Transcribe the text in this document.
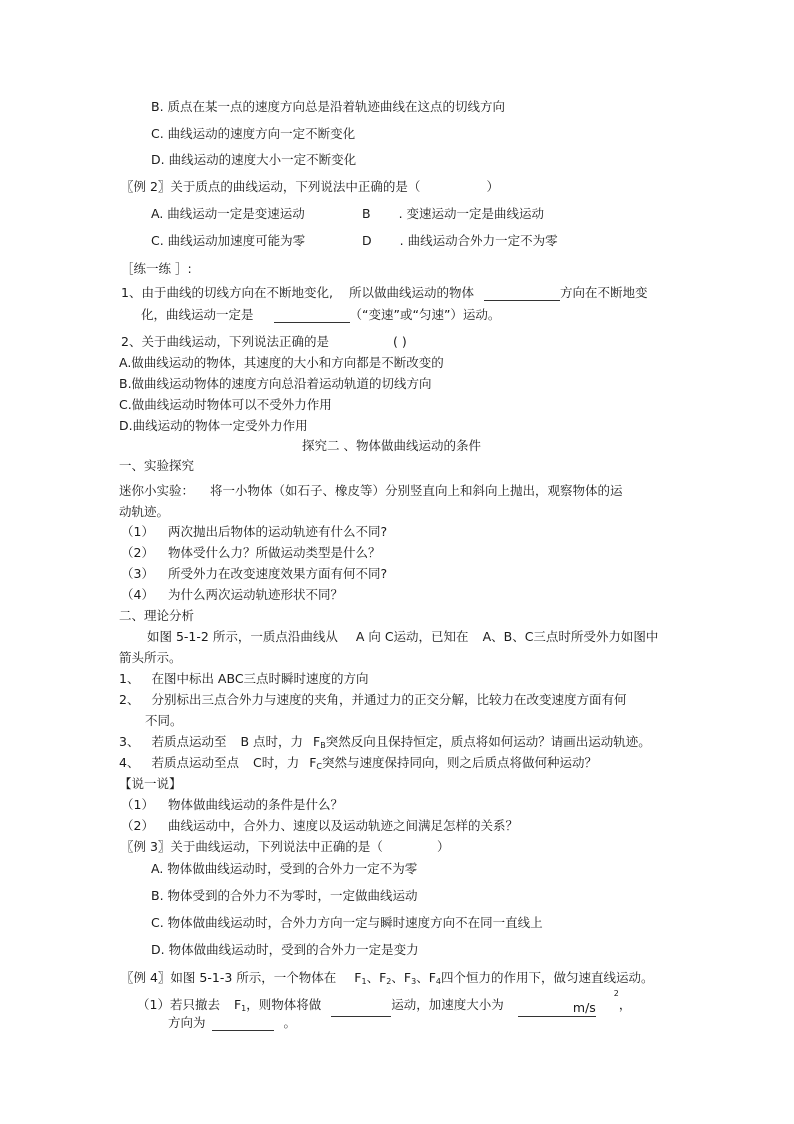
B. 质点在某一点的速度方向总是沿着轨迹曲线在这点的切线方向
C. 曲线运动的速度方向一定不断变化
D. 曲线运动的速度大小一定不断变化
〖例 2〗关于质点的曲线运动，下列说法中正确的是（	）
A. 曲线运动一定是变速运动	B . 变速运动一定是曲线运动
C. 曲线运动加速度可能为零	D . 曲线运动合外力一定不为零
［练一练 ］:
1、由于曲线的切线方向在不断地变化, 所以做曲线运动的物体	方向在不断地变
化，曲线运动一定是	（“变速”或“匀速”）运动。
2、关于曲线运动，下列说法正确的是	( )
A.做曲线运动的物体，其速度的大小和方向都是不断改变的
B.做曲线运动物体的速度方向总沿着运动轨道的切线方向
C.做曲线运动时物体可以不受外力作用
D.曲线运动的物体一定受外力作用
探究二 、物体做曲线运动的条件
一、实验探究
迷你小实验： 将一小物体（如石子、橡皮等）分别竖直向上和斜向上抛出，观察物体的运
动轨迹。
（1） 两次抛出后物体的运动轨迹有什么不同?
（2） 物体受什么力？所做运动类型是什么？
（3） 所受外力在改变速度效果方面有何不同?
（4） 为什么两次运动轨迹形状不同？
二、理论分析
如图 5-1-2 所示，一质点沿曲线从 A 向 C运动，已知在 A、B、C三点时所受外力如图中
箭头所示。
1、 在图中标出 ABC三点时瞬时速度的方向
2、 分别标出三点合外力与速度的夹角，并通过力的正交分解，比较力在改变速度方面有何
不同。
3、 若质点运动至 B 点时，力 $F_B$突然反向且保持恒定，质点将如何运动？请画出运动轨迹。
4、 若质点运动至点 C时，力 $F_C$突然与速度保持同向，则之后质点将做何种运动？
【说一说】
（1） 物体做曲线运动的条件是什么？
（2） 曲线运动中，合外力、速度以及运动轨迹之间满足怎样的关系？
〖例 3〗关于曲线运动，下列说法中正确的是（	）
A. 物体做曲线运动时，受到的合外力一定不为零
B. 物体受到的合外力不为零时，一定做曲线运动
C. 物体做曲线运动时，合外力方向一定与瞬时速度方向不在同一直线上
D. 物体做曲线运动时，受到的合外力一定是变力
〖例 4〗如图 5-1-3 所示，一个物体在 $F_1$、$F_2$、$F_3$、$F_4$四个恒力的作用下，做匀速直线运动。
（1）若只撤去 $F_1$，则物体将做	运动，加速度大小为	m/s
$^2$，
方向为	。
